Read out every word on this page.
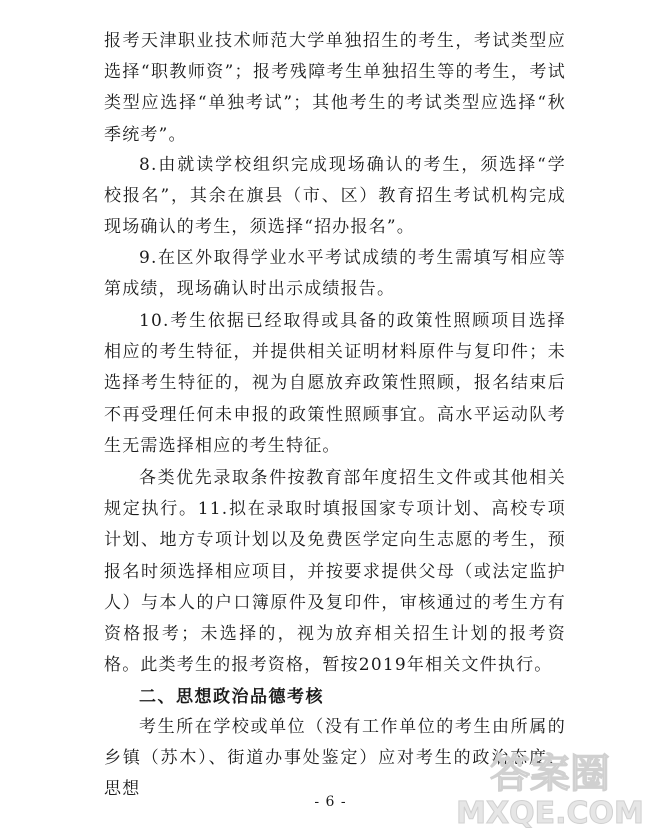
报考天津职业技术师范大学单独招生的考生，考试类型应选择“职教师资”；报考残障考生单独招生等的考生，考试类型应选择“单独考试”；其他考生的考试类型应选择“秋季统考”。

8.由就读学校组织完成现场确认的考生，须选择“学校报名”，其余在旗县（市、区）教育招生考试机构完成现场确认的考生，须选择“招办报名”。

9.在区外取得学业水平考试成绩的考生需填写相应等第成绩，现场确认时出示成绩报告。

10.考生依据已经取得或具备的政策性照顾项目选择相应的考生特征，并提供相关证明材料原件与复印件；未选择考生特征的，视为自愿放弃政策性照顾，报名结束后不再受理任何未申报的政策性照顾事宜。高水平运动队考生无需选择相应的考生特征。

各类优先录取条件按教育部年度招生文件或其他相关规定执行。11.拟在录取时填报国家专项计划、高校专项计划、地方专项计划以及免费医学定向生志愿的考生，预报名时须选择相应项目，并按要求提供父母（或法定监护人）与本人的户口簿原件及复印件，审核通过的考生方有资格报考；未选择的，视为放弃相关招生计划的报考资格。此类考生的报考资格，暂按2019年相关文件执行。

二、思想政治品德考核

考生所在学校或单位（没有工作单位的考生由所属的乡镇（苏木）、街道办事处鉴定）应对考生的政治态度、思想

- 6 -
答案圈
MXQE.COM
